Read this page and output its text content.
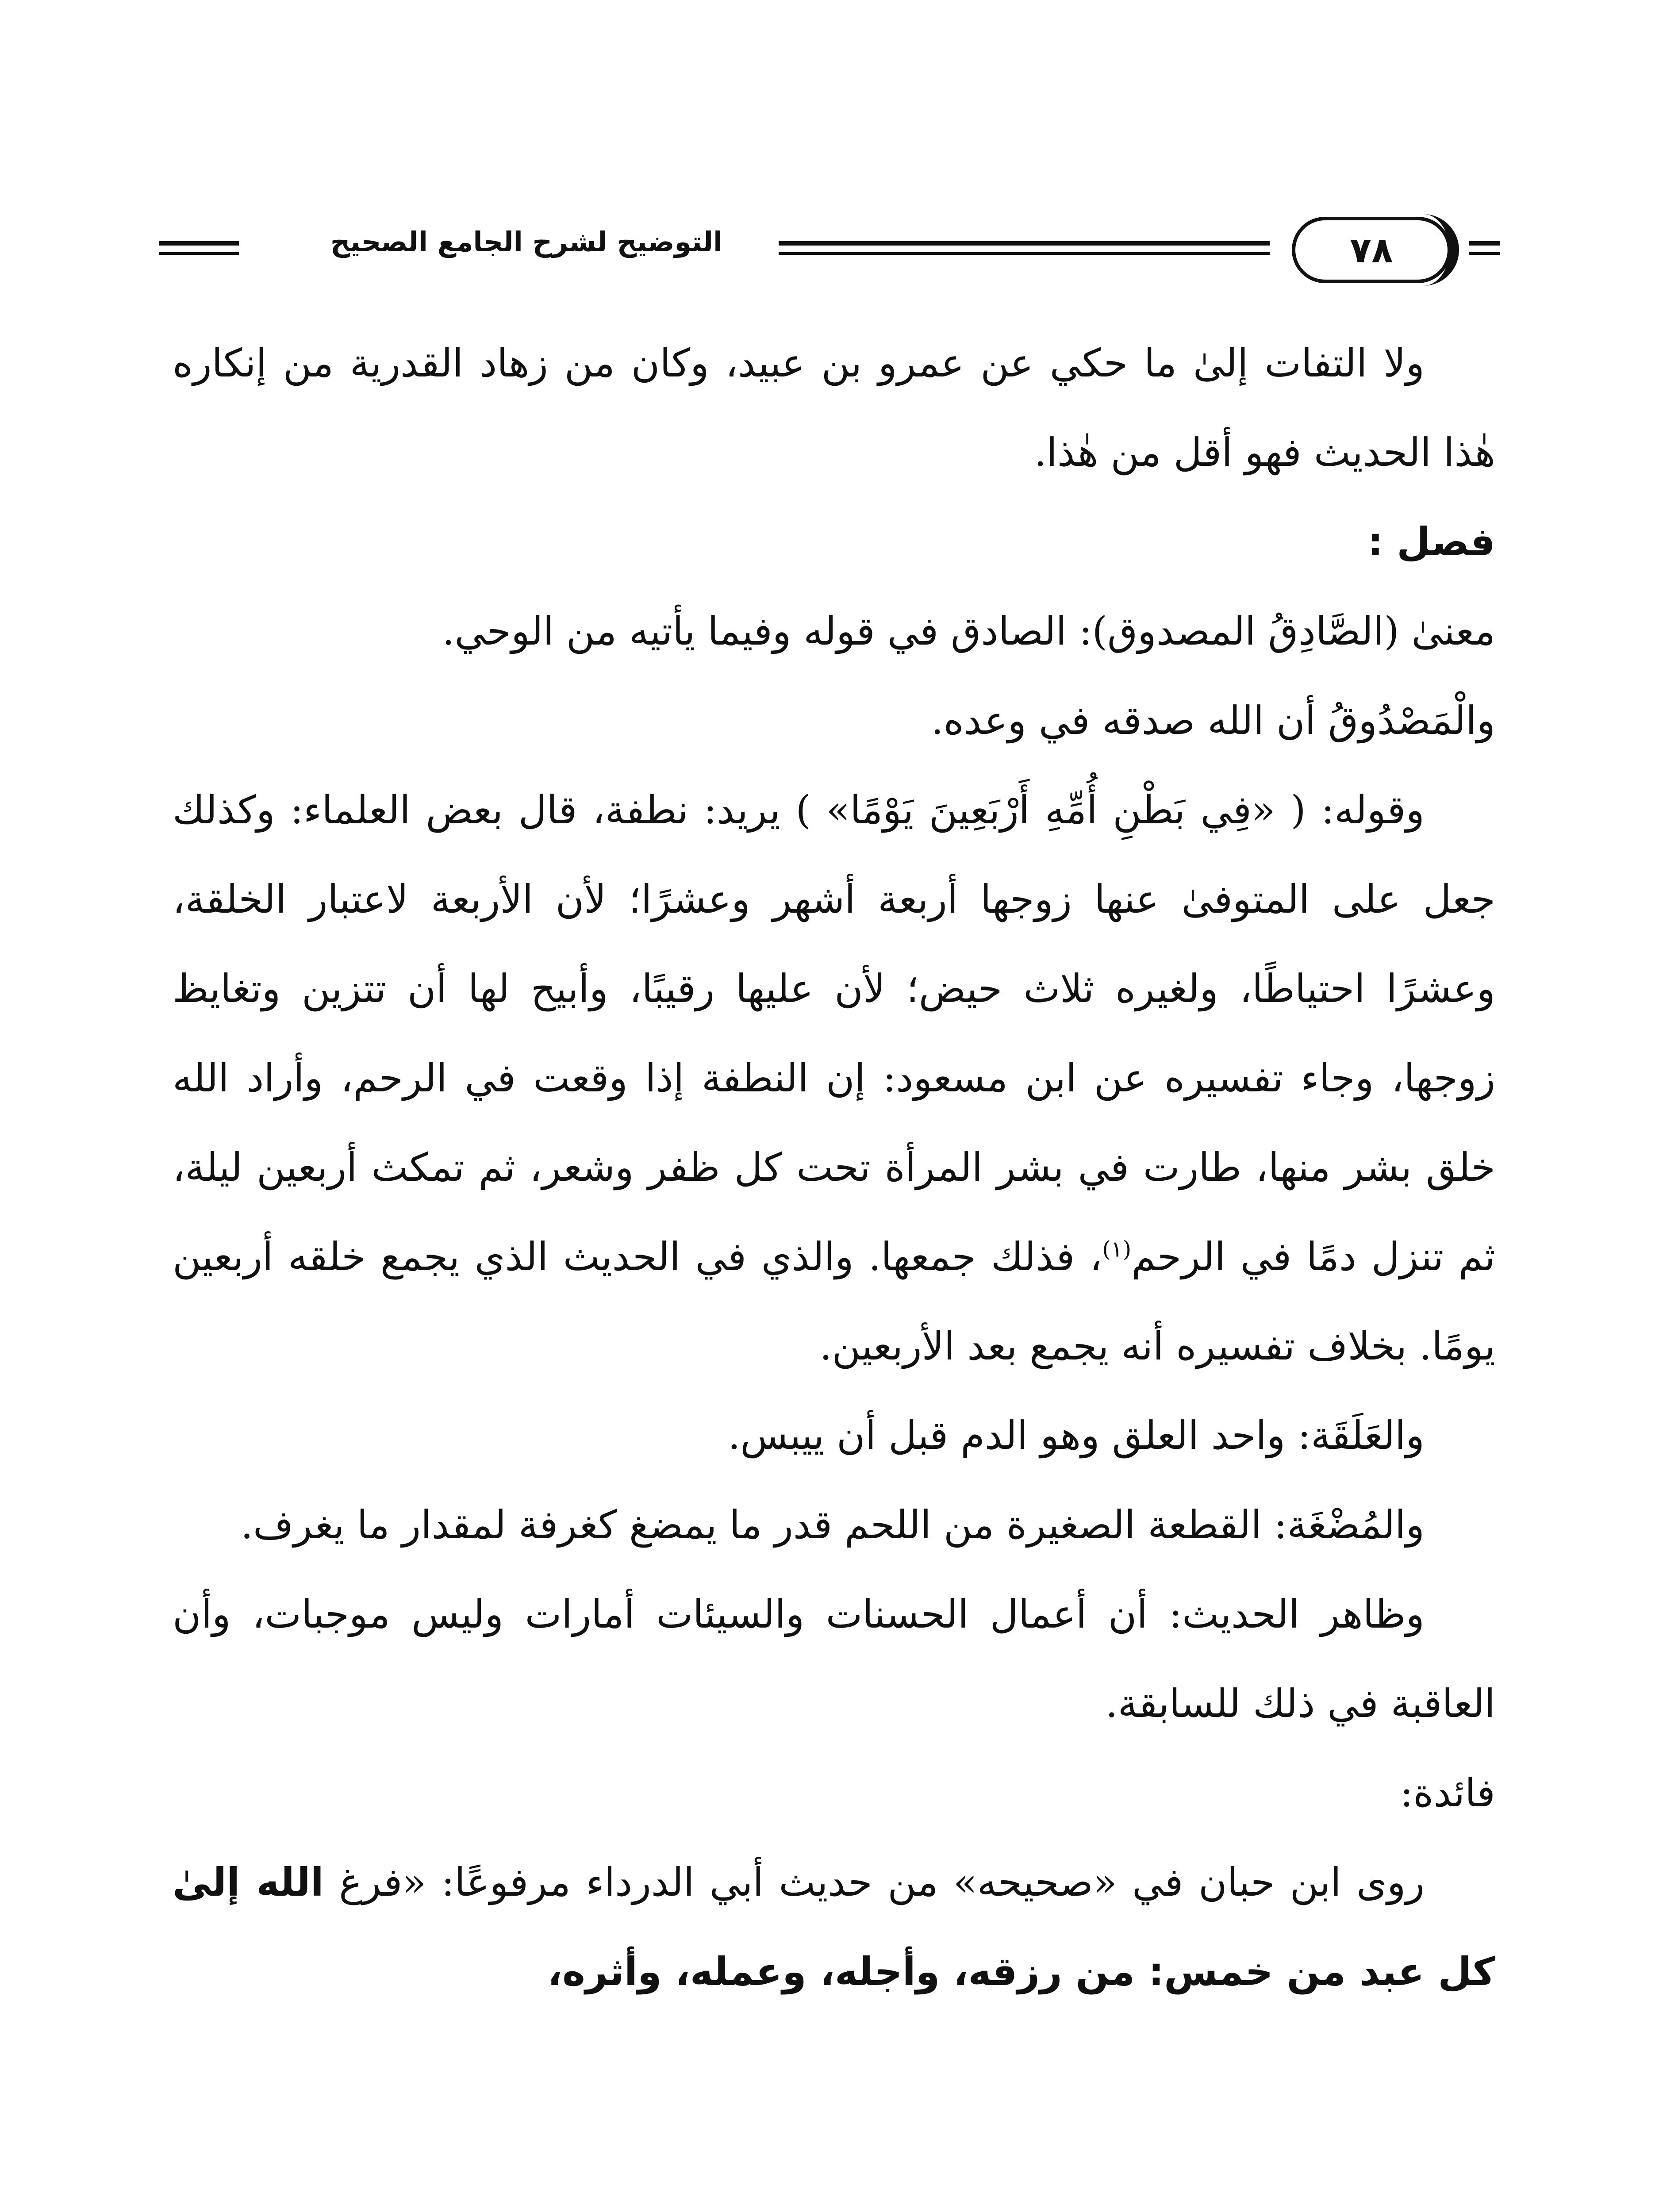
التوضيح لشرح الجامع الصحيح	٧٨

ولا التفات إلىٰ ما حكي عن عمرو بن عبيد، وكان من زهاد القدرية من إنكاره هٰذا الحديث فهو أقل من هٰذا.

فصل :

معنىٰ (الصَّادِقُ المصدوق): الصادق في قوله وفيما يأتيه من الوحي.

والْمَصْدُوقُ أن الله صدقه في وعده.

وقوله: ( «فِي بَطْنِ أُمِّهِ أَرْبَعِينَ يَوْمًا» ) يريد: نطفة، قال بعض العلماء: وكذلك جعل على المتوفىٰ عنها زوجها أربعة أشهر وعشرًا؛ لأن الأربعة لاعتبار الخلقة، وعشرًا احتياطًا، ولغيره ثلاث حيض؛ لأن عليها رقيبًا، وأبيح لها أن تتزين وتغايظ زوجها، وجاء تفسيره عن ابن مسعود: إن النطفة إذا وقعت في الرحم، وأراد الله خلق بشر منها، طارت في بشر المرأة تحت كل ظفر وشعر، ثم تمكث أربعين ليلة، ثم تنزل دمًا في الرحم$^{(١)}$، فذلك جمعها. والذي في الحديث الذي يجمع خلقه أربعين يومًا. بخلاف تفسيره أنه يجمع بعد الأربعين.

والعَلَقَة: واحد العلق وهو الدم قبل أن ييبس.

والمُضْغَة: القطعة الصغيرة من اللحم قدر ما يمضغ كغرفة لمقدار ما يغرف.

وظاهر الحديث: أن أعمال الحسنات والسيئات أمارات وليس موجبات، وأن العاقبة في ذلك للسابقة.

فائدة:

روى ابن حبان في «صحيحه» من حديث أبي الدرداء مرفوعًا: «فرغ الله إلىٰ كل عبد من خمس: من رزقه، وأجله، وعمله، وأثره،
